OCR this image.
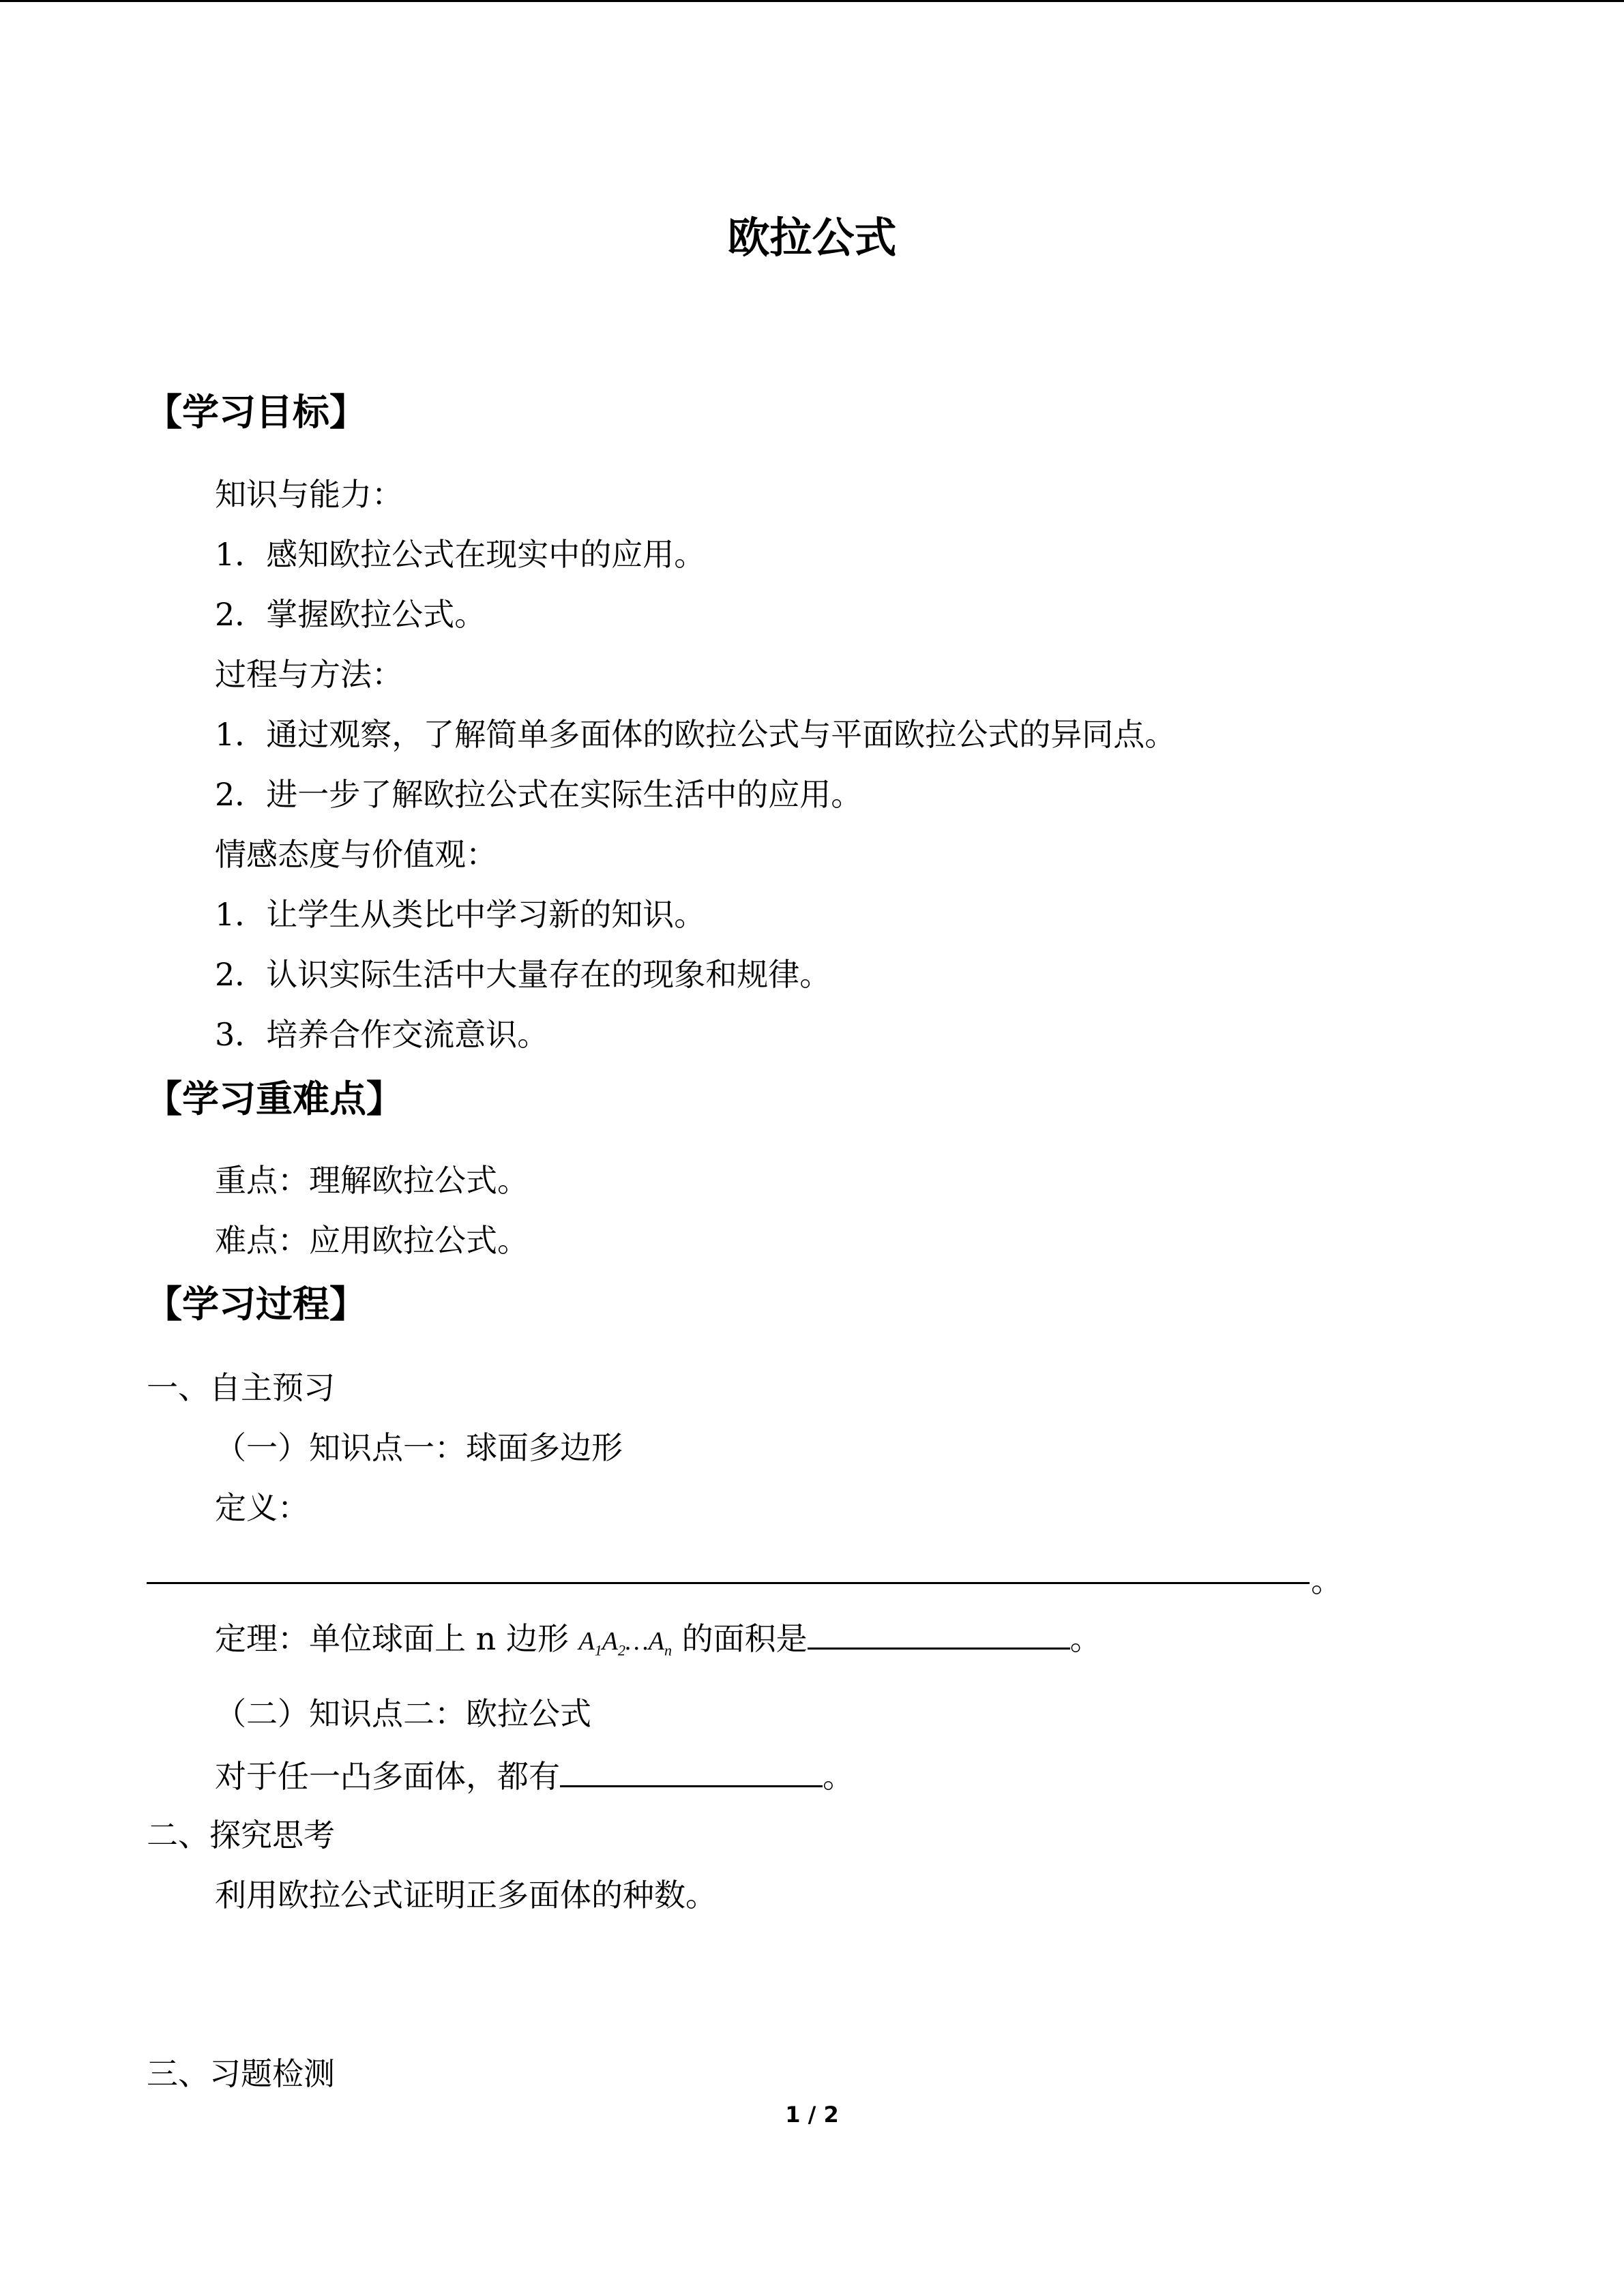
欧拉公式
【学习目标】
知识与能力：
1．感知欧拉公式在现实中的应用。
2．掌握欧拉公式。
过程与方法：
1．通过观察，了解简单多面体的欧拉公式与平面欧拉公式的异同点。
2．进一步了解欧拉公式在实际生活中的应用。
情感态度与价值观：
1．让学生从类比中学习新的知识。
2．认识实际生活中大量存在的现象和规律。
3．培养合作交流意识。
【学习重难点】
重点：理解欧拉公式。
难点：应用欧拉公式。
【学习过程】
一、自主预习
（一）知识点一：球面多边形
定义：
。
定理：单位球面上 n 边形 $A_1A_2\dots A_n$ 的面积是	。
（二）知识点二：欧拉公式
对于任一凸多面体，都有	。
二、探究思考
利用欧拉公式证明正多面体的种数。
三、习题检测
1 / 2
